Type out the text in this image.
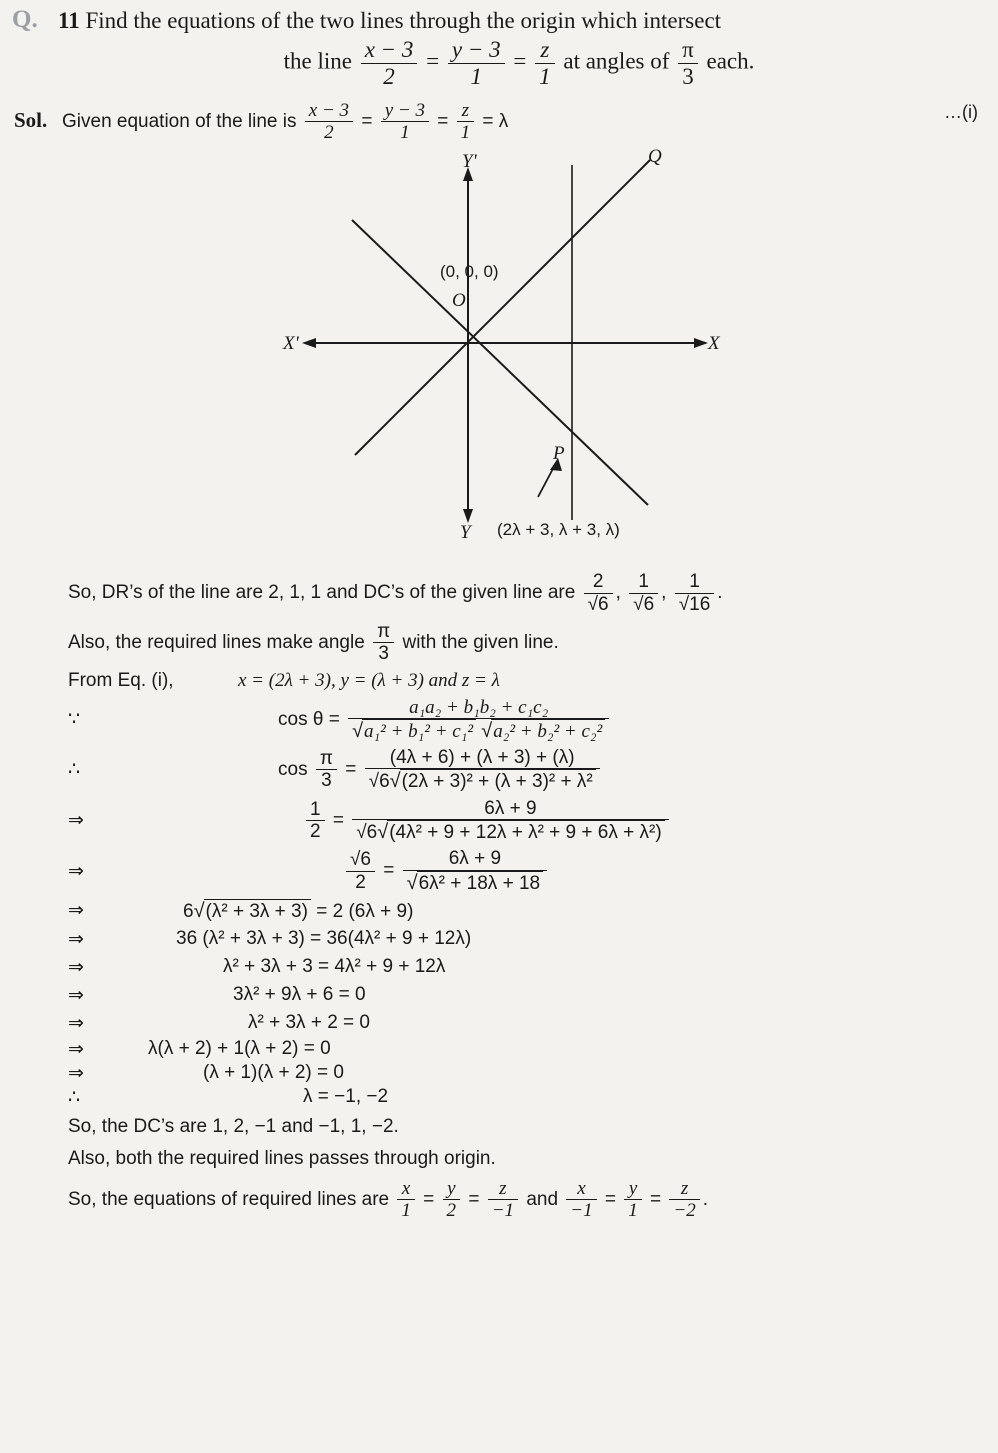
Q. 11 Find the equations of the two lines through the origin which intersect
the line $\frac{x - 3}{2} = \frac{y - 3}{1} = \frac{z}{1}$ at angles of $\frac{\pi}{3}$ each.
Sol. Given equation of the line is $\frac{x - 3}{2} = \frac{y - 3}{1} = \frac{z}{1} = \lambda$	…(i)
Y'
Y
X'	X
Q
P
(0, 0, 0)
O
(2λ + 3, λ + 3, λ)
So, DR’s of the line are 2, 1, 1 and DC’s of the given line are $\frac{2}{√6}$ , $\frac{1}{√6}$ , $\frac{1}{√16}$ .
Also, the required lines make angle $\frac{\pi}{3}$ with the given line.
From Eq. (i),	x = (2λ + 3), y = (λ + 3) and z = λ
∵	$\cos \theta = \frac{\text{a₁a₂ + b₁b₂ + c₁c₂}}{\text{√a₁² + b₁² + c₁² √a₂² + b₂² + c₂²}}$
∴	$\cos \frac{\pi}{3} = \frac{(4\lambda + 6) + (\lambda + 3) + (\lambda)}{\text{√6√(2λ + 3)² + (λ + 3)² + λ²}}$
⇒	$\frac{1}{2} = \frac{6\lambda + 9}{\text{√6√(4λ² + 9 + 12λ + λ² + 9 + 6λ + λ²)}}$
⇒	$\frac{√6}{2} = \frac{6\lambda + 9}{\text{√6λ² + 18λ + 18}}$
⇒	6√(λ² + 3λ + 3) = 2 (6λ + 9)
⇒	36 (λ² + 3λ + 3) = 36(4λ² + 9 + 12λ)
⇒	λ² + 3λ + 3 = 4λ² + 9 + 12λ
⇒	3λ² + 9λ + 6 = 0
⇒	λ² + 3λ + 2 = 0
⇒	λ(λ + 2) + 1(λ + 2) = 0
⇒	(λ + 1)(λ + 2) = 0
∴	λ = −1, −2
So, the DC’s are 1, 2, −1 and −1, 1, −2.
Also, both the required lines passes through origin.
So, the equations of required lines are $\frac{x}{1} = \frac{y}{2} = \frac{z}{-1}$ and $\frac{x}{-1} = \frac{y}{1} = \frac{z}{-2}$ .
